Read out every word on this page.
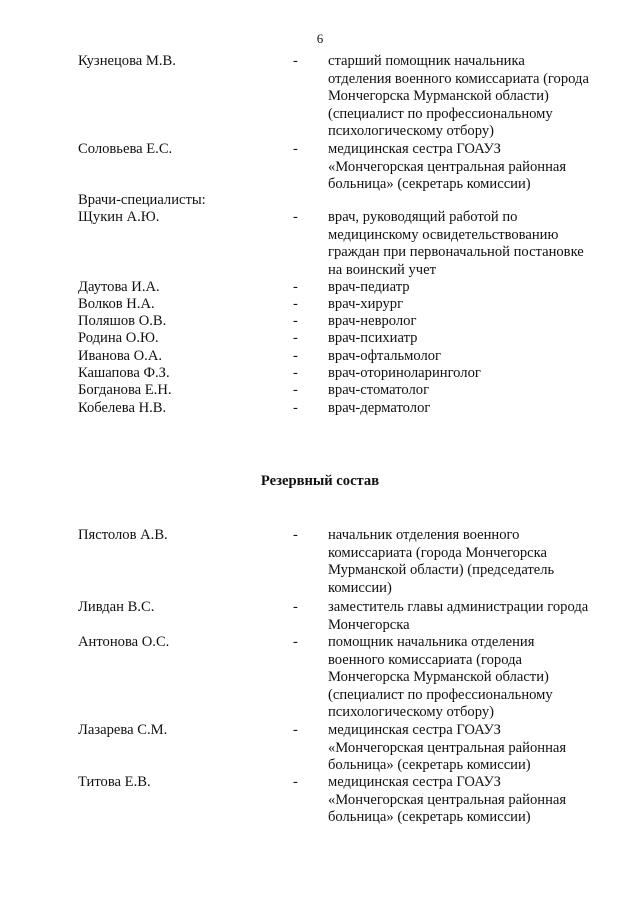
6
Кузнецова М.В.	-	старший помощник начальника отделения военного комиссариата (города Мончегорска Мурманской области) (специалист по профессиональному психологическому отбору)
Соловьева Е.С.	-	медицинская сестра ГОАУЗ «Мончегорская центральная районная больница» (секретарь комиссии)
Врачи-специалисты:
Щукин А.Ю.	-	врач, руководящий работой по медицинскому освидетельствованию граждан при первоначальной постановке на воинский учет
Даутова И.А.	-	врач-педиатр
Волков Н.А.	-	врач-хирург
Поляшов О.В.	-	врач-невролог
Родина О.Ю.	-	врач-психиатр
Иванова О.А.	-	врач-офтальмолог
Кашапова Ф.З.	-	врач-оториноларинголог
Богданова Е.Н.	-	врач-стоматолог
Кобелева Н.В.	-	врач-дерматолог
Резервный состав
Пястолов А.В.	-	начальник отделения военного комиссариата (города Мончегорска Мурманской области) (председатель комиссии)
Ливдан В.С.	-	заместитель главы администрации города Мончегорска
Антонова О.С.	-	помощник начальника отделения военного комиссариата (города Мончегорска Мурманской области) (специалист по профессиональному психологическому отбору)
Лазарева С.М.	-	медицинская сестра ГОАУЗ «Мончегорская центральная районная больница» (секретарь комиссии)
Титова Е.В.	-	медицинская сестра ГОАУЗ «Мончегорская центральная районная больница» (секретарь комиссии)
